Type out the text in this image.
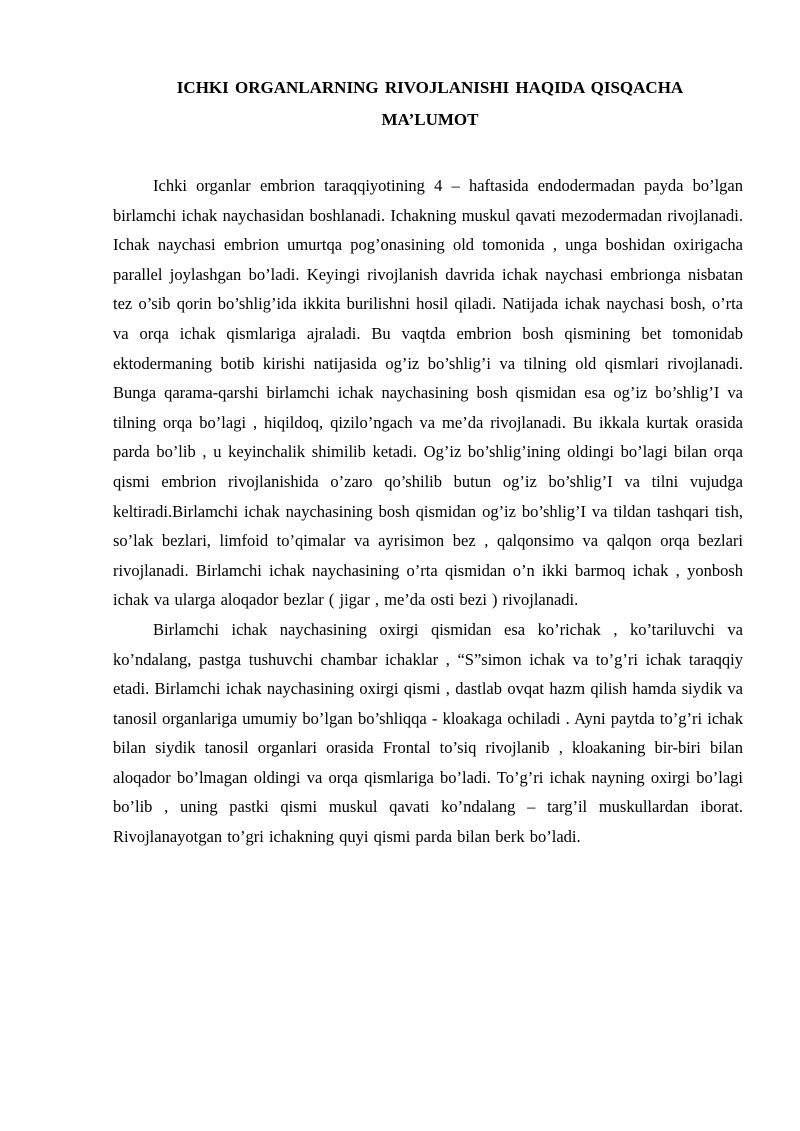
ICHKI ORGANLARNING RIVOJLANISHI HAQIDA QISQACHA
MA’LUMOT

Ichki organlar embrion taraqqiyotining 4 – haftasida endodermadan payda bo’lgan birlamchi ichak naychasidan boshlanadi. Ichakning muskul qavati mezodermadan rivojlanadi. Ichak naychasi embrion umurtqa pog’onasining old tomonida , unga boshidan oxirigacha parallel joylashgan bo’ladi. Keyingi rivojlanish davrida ichak naychasi embrionga nisbatan tez o’sib qorin bo’shlig’ida ikkita burilishni hosil qiladi. Natijada ichak naychasi bosh, o’rta va orqa ichak qismlariga ajraladi. Bu vaqtda embrion bosh qismining bet tomonidab ektodermaning botib kirishi natijasida og’iz bo’shlig’i va tilning old qismlari rivojlanadi. Bunga qarama-qarshi birlamchi ichak naychasining bosh qismidan esa og’iz bo’shlig’I va tilning orqa bo’lagi , hiqildoq, qizilo’ngach va me’da rivojlanadi. Bu ikkala kurtak orasida parda bo’lib , u keyinchalik shimilib ketadi. Og’iz bo’shlig’ining oldingi bo’lagi bilan orqa qismi embrion rivojlanishida o’zaro qo’shilib butun og’iz bo’shlig’I va tilni vujudga keltiradi.Birlamchi ichak naychasining bosh qismidan og’iz bo’shlig’I va tildan tashqari tish, so’lak bezlari, limfoid to’qimalar va ayrisimon bez , qalqonsimo va qalqon orqa bezlari rivojlanadi. Birlamchi ichak naychasining o’rta qismidan o’n ikki barmoq ichak , yonbosh ichak va ularga aloqador bezlar ( jigar , me’da osti bezi ) rivojlanadi.

Birlamchi ichak naychasining oxirgi qismidan esa ko’richak , ko’tariluvchi va ko’ndalang, pastga tushuvchi chambar ichaklar , “S”simon ichak va to’g’ri ichak taraqqiy etadi. Birlamchi ichak naychasining oxirgi qismi , dastlab ovqat hazm qilish hamda siydik va tanosil organlariga umumiy bo’lgan bo’shliqqa - kloakaga ochiladi . Ayni paytda to’g’ri ichak bilan siydik tanosil organlari orasida Frontal to’siq rivojlanib , kloakaning bir-biri bilan aloqador bo’lmagan oldingi va orqa qismlariga bo’ladi. To’g’ri ichak nayning oxirgi bo’lagi bo’lib , uning pastki qismi muskul qavati ko’ndalang – targ’il muskullardan iborat. Rivojlanayotgan to’gri ichakning quyi qismi parda bilan berk bo’ladi.
